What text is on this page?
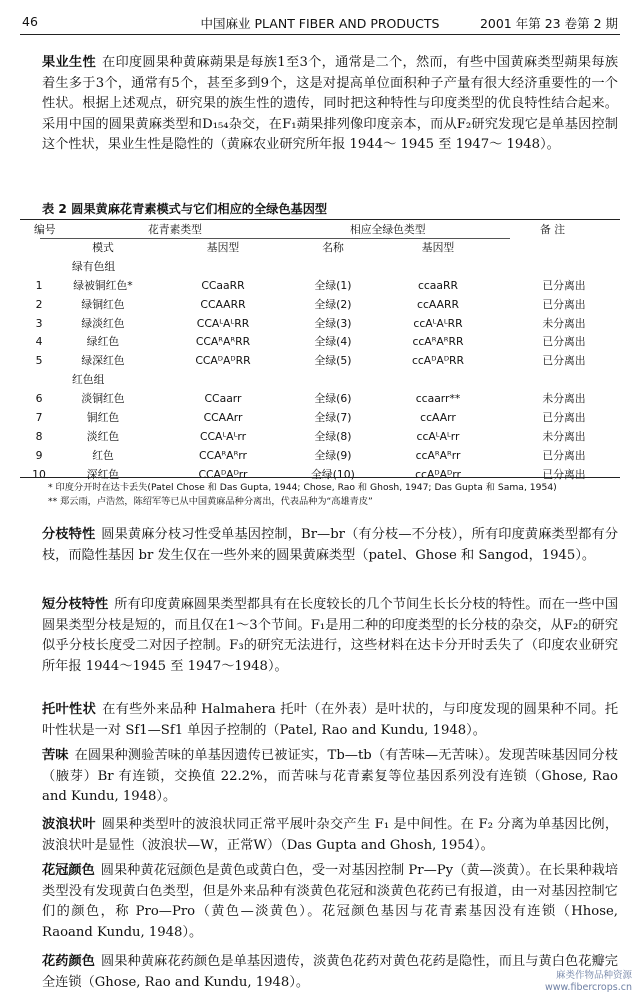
46	中国麻业 PLANT FIBER AND PRODUCTS	2001 年第 23 卷第 2 期
果业生性 在印度圆果种黄麻蒴果是每族1至3个，通常是二个，然而，有些中国黄麻类型蒴果每族着生多于3个，通常有5个，甚至多到9个，这是对提高单位面积种子产量有很大经济重要性的一个性状。根据上述观点，研究果的族生性的遗传，同时把这种特性与印度类型的优良特性结合起来。采用中国的圆果黄麻类型和D₁₅₄杂交，在F₁蒴果排列像印度亲本，而从F₂研究发现它是单基因控制这个性状，果业生性是隐性的（黄麻农业研究所年报 1944～ 1945 至 1947～ 1948）。
表 2 圆果黄麻花青素模式与它们相应的全绿色基因型
编号	花青素类型	相应全绿色类型	备 注
	模式	基因型	名称	基因型	
	绿有色组				
1	绿被铜红色*	CCaaRR	全绿(1)	ccaaRR	已分离出
2	绿铜红色	CCAARR	全绿(2)	ccAARR	已分离出
3	绿淡红色	CCAᴸAᴸRR	全绿(3)	ccAᴸAᴸRR	未分离出
4	绿红色	CCAᴿAᴿRR	全绿(4)	ccAᴿAᴿRR	已分离出
5	绿深红色	CCAᴰAᴰRR	全绿(5)	ccAᴰAᴰRR	已分离出
	红色组				
6	淡铜红色	CCaarr	全绿(6)	ccaarr**	未分离出
7	铜红色	CCAArr	全绿(7)	ccAArr	已分离出
8	淡红色	CCAᴸAᴸrr	全绿(8)	ccAᴸAᴸrr	未分离出
9	红色	CCAᴿAᴿrr	全绿(9)	ccAᴿAᴿrr	已分离出
10	深红色	CCAᴰAᴰrr	全绿(10)	ccAᴰAᴰrr	已分离出
* 印度分开时在达卡丢失(Patel Chose 和 Das Gupta, 1944; Chose, Rao 和 Ghosh, 1947; Das Gupta 和 Sama, 1954)
** 郑云雨，卢浩然，陈绍军等已从中国黄麻品种分离出，代表品种为“高雄青皮”
分枝特性 圆果黄麻分枝习性受单基因控制，Br—br（有分枝—不分枝），所有印度黄麻类型都有分枝，而隐性基因 br 发生仅在一些外来的圆果黄麻类型（patel、Ghose 和 Sangod，1945）。
短分枝特性 所有印度黄麻圆果类型都具有在长度较长的几个节间生长长分枝的特性。而在一些中国圆果类型分枝是短的，而且仅在1～3个节间。F₁是用二种的印度类型的长分枝的杂交，从F₂的研究似乎分枝长度受二对因子控制。F₃的研究无法进行，这些材料在达卡分开时丢失了（印度农业研究所年报 1944～1945 至 1947～1948）。
托叶性状 在有些外来品种 Halmahera 托叶（在外表）是叶状的，与印度发现的圆果种不同。托叶性状是一对 Sf1—Sf1 单因子控制的（Patel, Rao and Kundu, 1948）。
苦味 在圆果种测验苦味的单基因遗传已被证实，Tb—tb（有苦味—无苦味）。发现苦味基因同分枝（腋芽）Br 有连锁，交换值 22.2%，而苦味与花青素复等位基因系列没有连锁（Ghose, Rao and Kundu, 1948）。
波浪状叶 圆果种类型叶的波浪状同正常平展叶杂交产生 F₁ 是中间性。在 F₂ 分离为单基因比例，波浪状叶是显性（波浪状—W，正常W）（Das Gupta and Ghosh, 1954）。
花冠颜色 圆果种黄花冠颜色是黄色或黄白色，受一对基因控制 Pr—Py（黄—淡黄）。在长果种栽培类型没有发现黄白色类型，但是外来品种有淡黄色花冠和淡黄色花药已有报道，由一对基因控制它们的颜色，称 Pro—Pro（黄色—淡黄色）。花冠颜色基因与花青素基因没有连锁（Hhose, Raoand Kundu, 1948）。
花药颜色 圆果种黄麻花药颜色是单基因遗传，淡黄色花药对黄色花药是隐性，而且与黄白色花瓣完全连锁（Ghose, Rao and Kundu, 1948）。	麻类作物品种资源
www.fibercrops.cn
